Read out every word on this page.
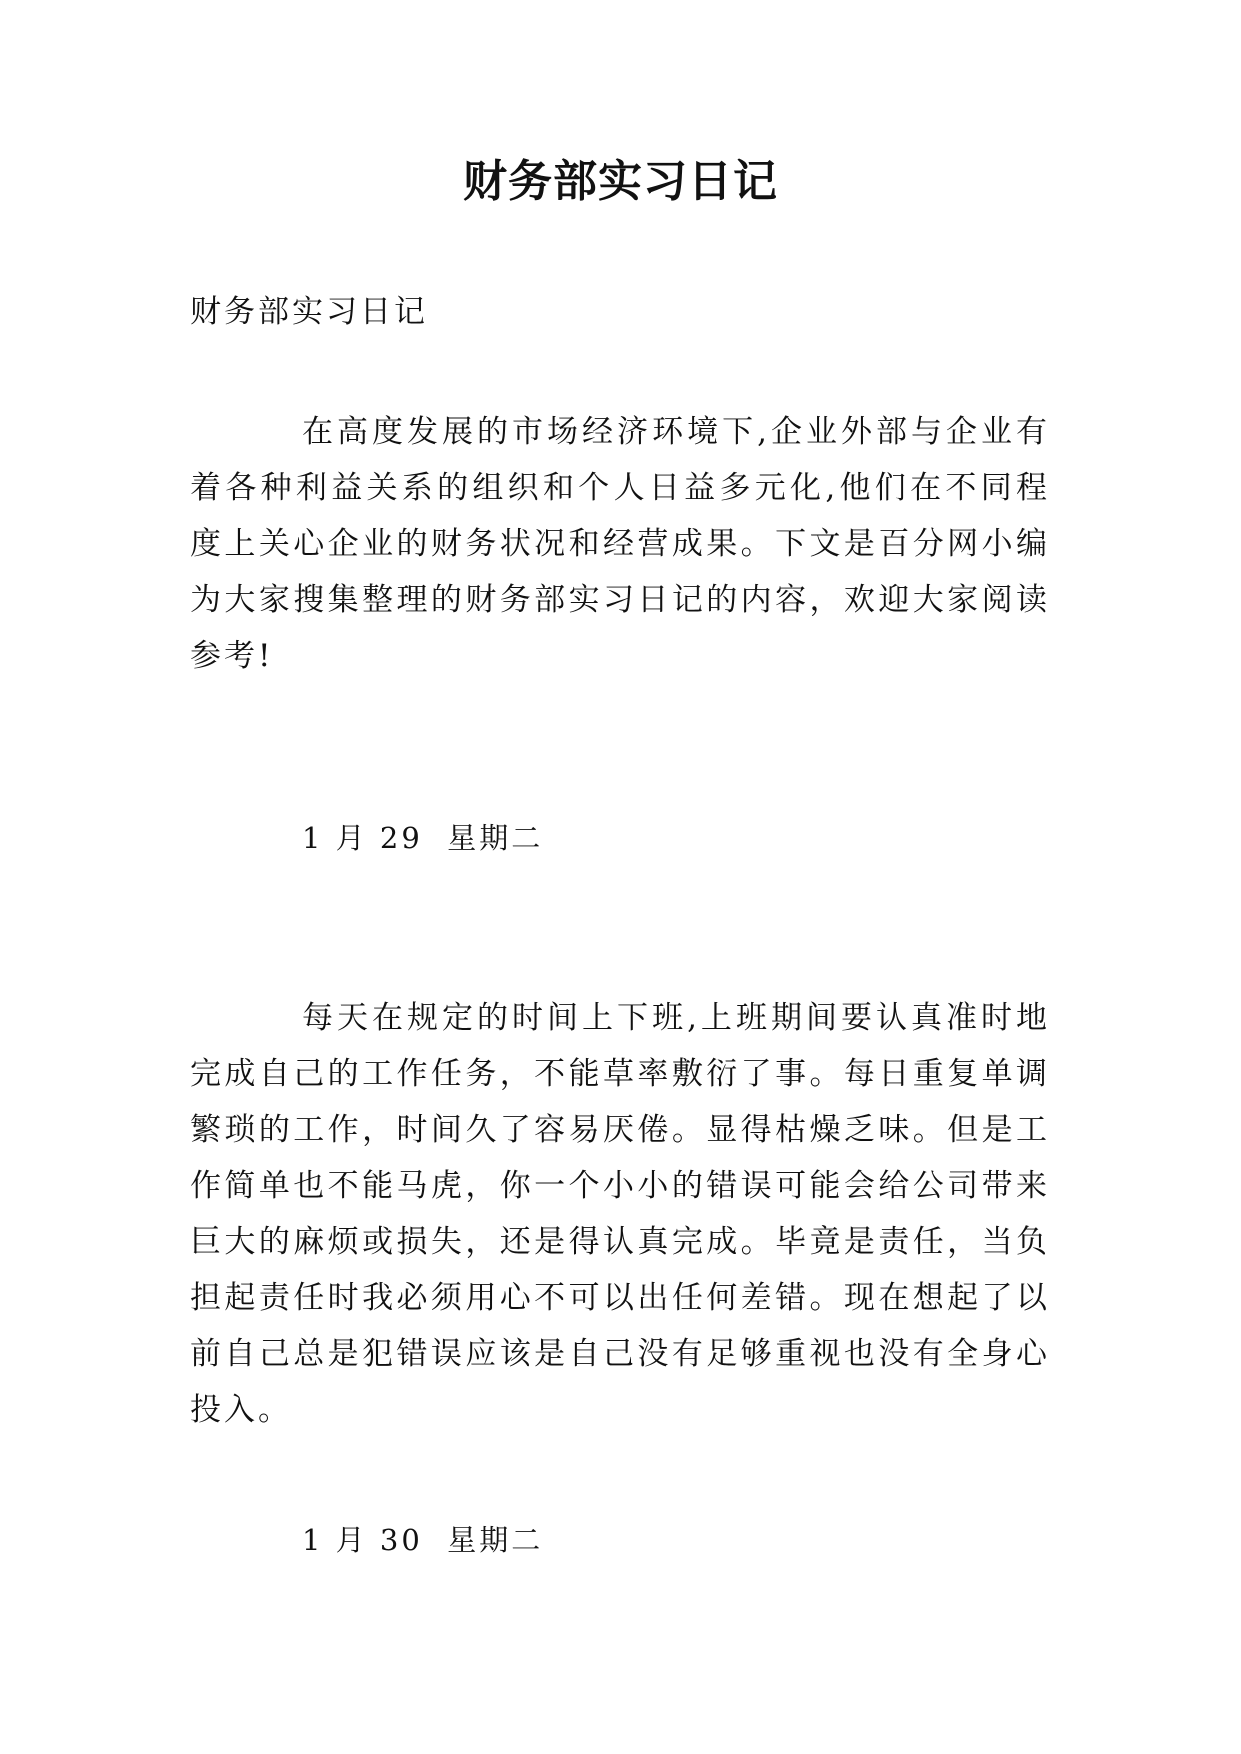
财务部实习日记

财务部实习日记

在高度发展的市场经济环境下,企业外部与企业有着各种利益关系的组织和个人日益多元化,他们在不同程度上关心企业的财务状况和经营成果。下文是百分网小编为大家搜集整理的财务部实习日记的内容，欢迎大家阅读参考!

1 月 29  星期二

每天在规定的时间上下班,上班期间要认真准时地完成自己的工作任务，不能草率敷衍了事。每日重复单调繁琐的工作，时间久了容易厌倦。显得枯燥乏味。但是工作简单也不能马虎，你一个小小的错误可能会给公司带来巨大的麻烦或损失，还是得认真完成。毕竟是责任，当负担起责任时我必须用心不可以出任何差错。现在想起了以前自己总是犯错误应该是自己没有足够重视也没有全身心投入。

1 月 30  星期二
